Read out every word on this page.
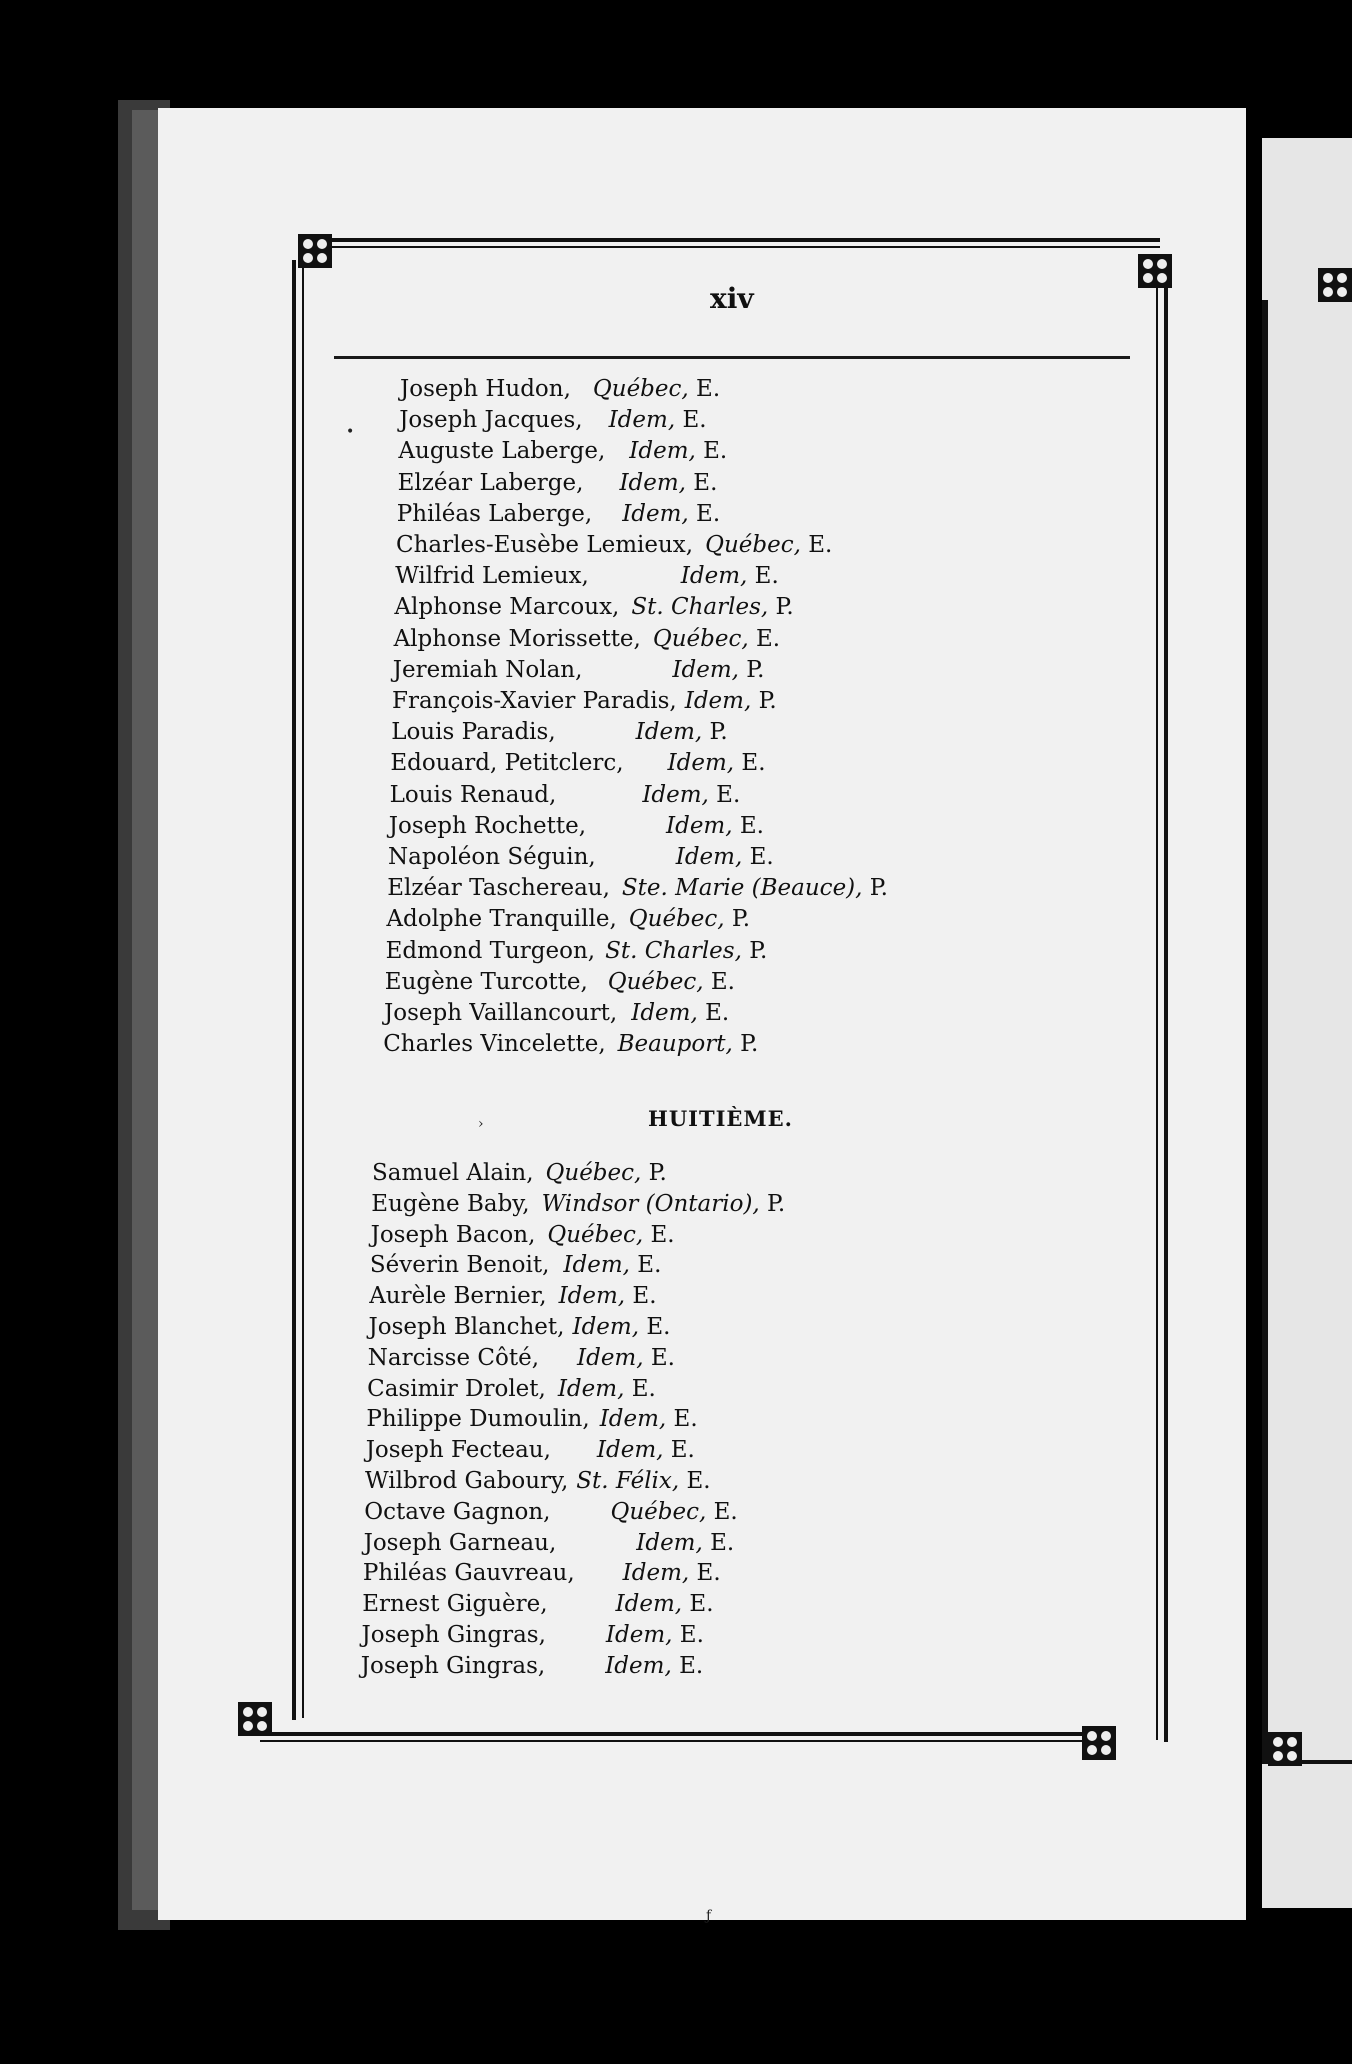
xiv
Joseph Hudon, Québec, E.
Joseph Jacques, Idem, E.
Auguste Laberge, Idem, E.
Elzéar Laberge, Idem, E.
Philéas Laberge, Idem, E.
Charles-Eusèbe Lemieux, Québec, E.
Wilfrid Lemieux,	Idem, E.
Alphonse Marcoux, St. Charles, P.
Alphonse Morissette, Québec, E.
Jeremiah Nolan,	Idem, P.
François-Xavier Paradis, Idem, P.
Louis Paradis,	Idem, P.
Edouard, Petitclerc, Idem, E.
Louis Renaud,	Idem, E.
Joseph Rochette,	Idem, E.
Napoléon Séguin,	Idem, E.
Elzéar Taschereau, Ste. Marie (Beauce), P.
Adolphe Tranquille, Québec, P.
Edmond Turgeon, St. Charles, P.
Eugène Turcotte, Québec, E.
Joseph Vaillancourt, Idem, E.
Charles Vincelette, Beauport, P.
HUITIÈME.
Samuel Alain, Québec, P.
Eugène Baby, Windsor (Ontario), P.
Joseph Bacon, Québec, E.
Séverin Benoit, Idem, E.
Aurèle Bernier, Idem, E.
Joseph Blanchet, Idem, E.
Narcisse Côté, Idem, E.
Casimir Drolet, Idem, E.
Philippe Dumoulin, Idem, E.
Joseph Fecteau, Idem, E.
Wilbrod Gaboury, St. Félix, E.
Octave Gagnon,	Québec, E.
Joseph Garneau,	Idem, E.
Philéas Gauvreau, Idem, E.
Ernest Giguère,	Idem, E.
Joseph Gingras,	Idem, E.
Joseph Gingras,	Idem, E.
•
›
ƒ
